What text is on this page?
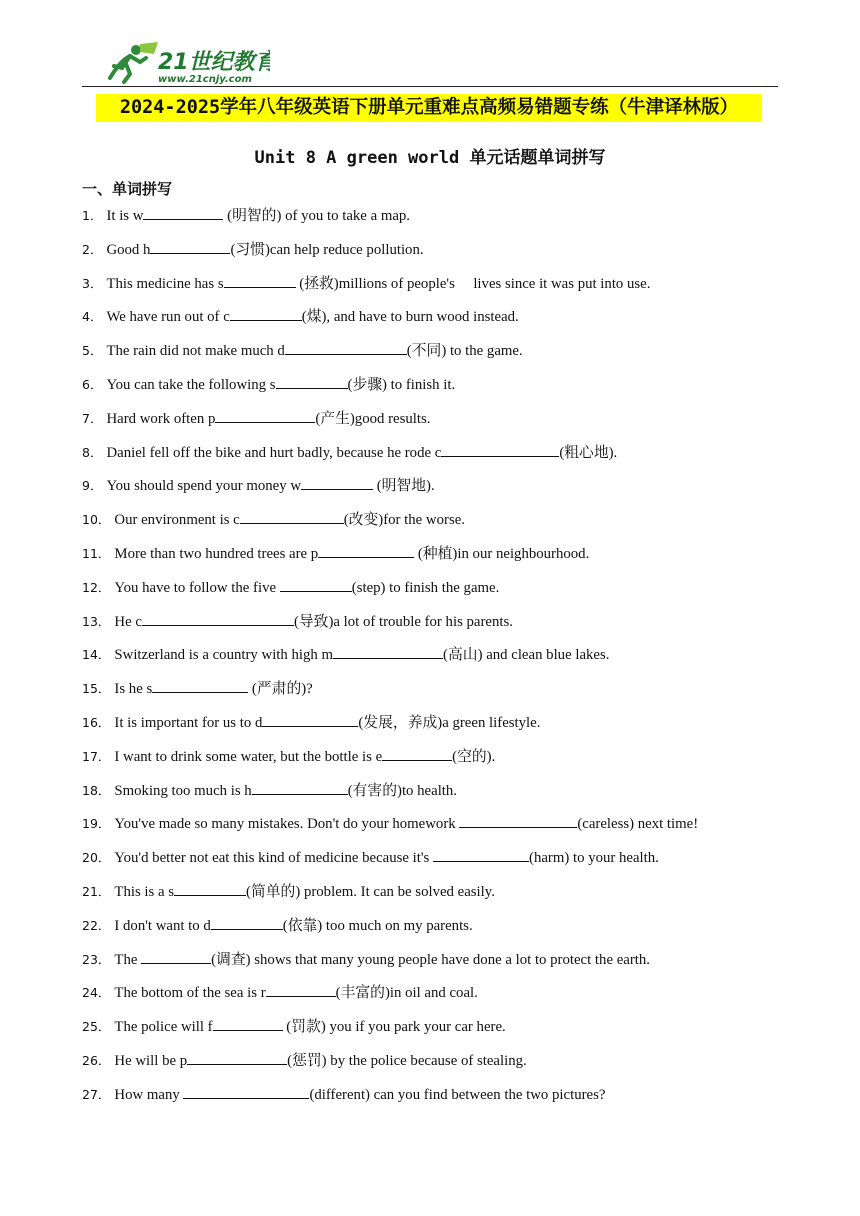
21世纪教育
www.21cnjy.com
2024-2025学年八年级英语下册单元重难点高频易错题专练（牛津译林版）
Unit 8 A green world 单元话题单词拼写
一、单词拼写
1． It is w	(明智的) of you to take a map.
2． Good h	(习惯)can help reduce pollution.
3． This medicine has s	(拯救)millions of people's     lives since it was put into use.
4． We have run out of c	(煤), and have to burn wood instead.
5． The rain did not make much d	(不同) to the game.
6． You can take the following s	(步骤) to finish it.
7． Hard work often p	(产生)good results.
8． Daniel fell off the bike and hurt badly, because he rode c	(粗心地).
9． You should spend your money w	(明智地).
10． Our environment is c	(改变)for the worse.
11． More than two hundred trees are p	(种植)in our neighbourhood.
12． You have to follow the five	(step) to finish the game.
13． He c	(导致)a lot of trouble for his parents.
14． Switzerland is a country with high m	(高山) and clean blue lakes.
15． Is he s	(严肃的)?
16． It is important for us to d	(发展，养成)a green lifestyle.
17． I want to drink some water, but the bottle is e	(空的).
18． Smoking too much is h	(有害的)to health.
19． You've made so many mistakes. Don't do your homework	(careless) next time!
20． You'd better not eat this kind of medicine because it's	(harm) to your health.
21． This is a s	(简单的) problem. It can be solved easily.
22． I don't want to d	(依靠) too much on my parents.
23． The	(调查) shows that many young people have done a lot to protect the earth.
24． The bottom of the sea is r	(丰富的)in oil and coal.
25． The police will f	(罚款) you if you park your car here.
26． He will be p	(惩罚) by the police because of stealing.
27． How many	(different) can you find between the two pictures?
